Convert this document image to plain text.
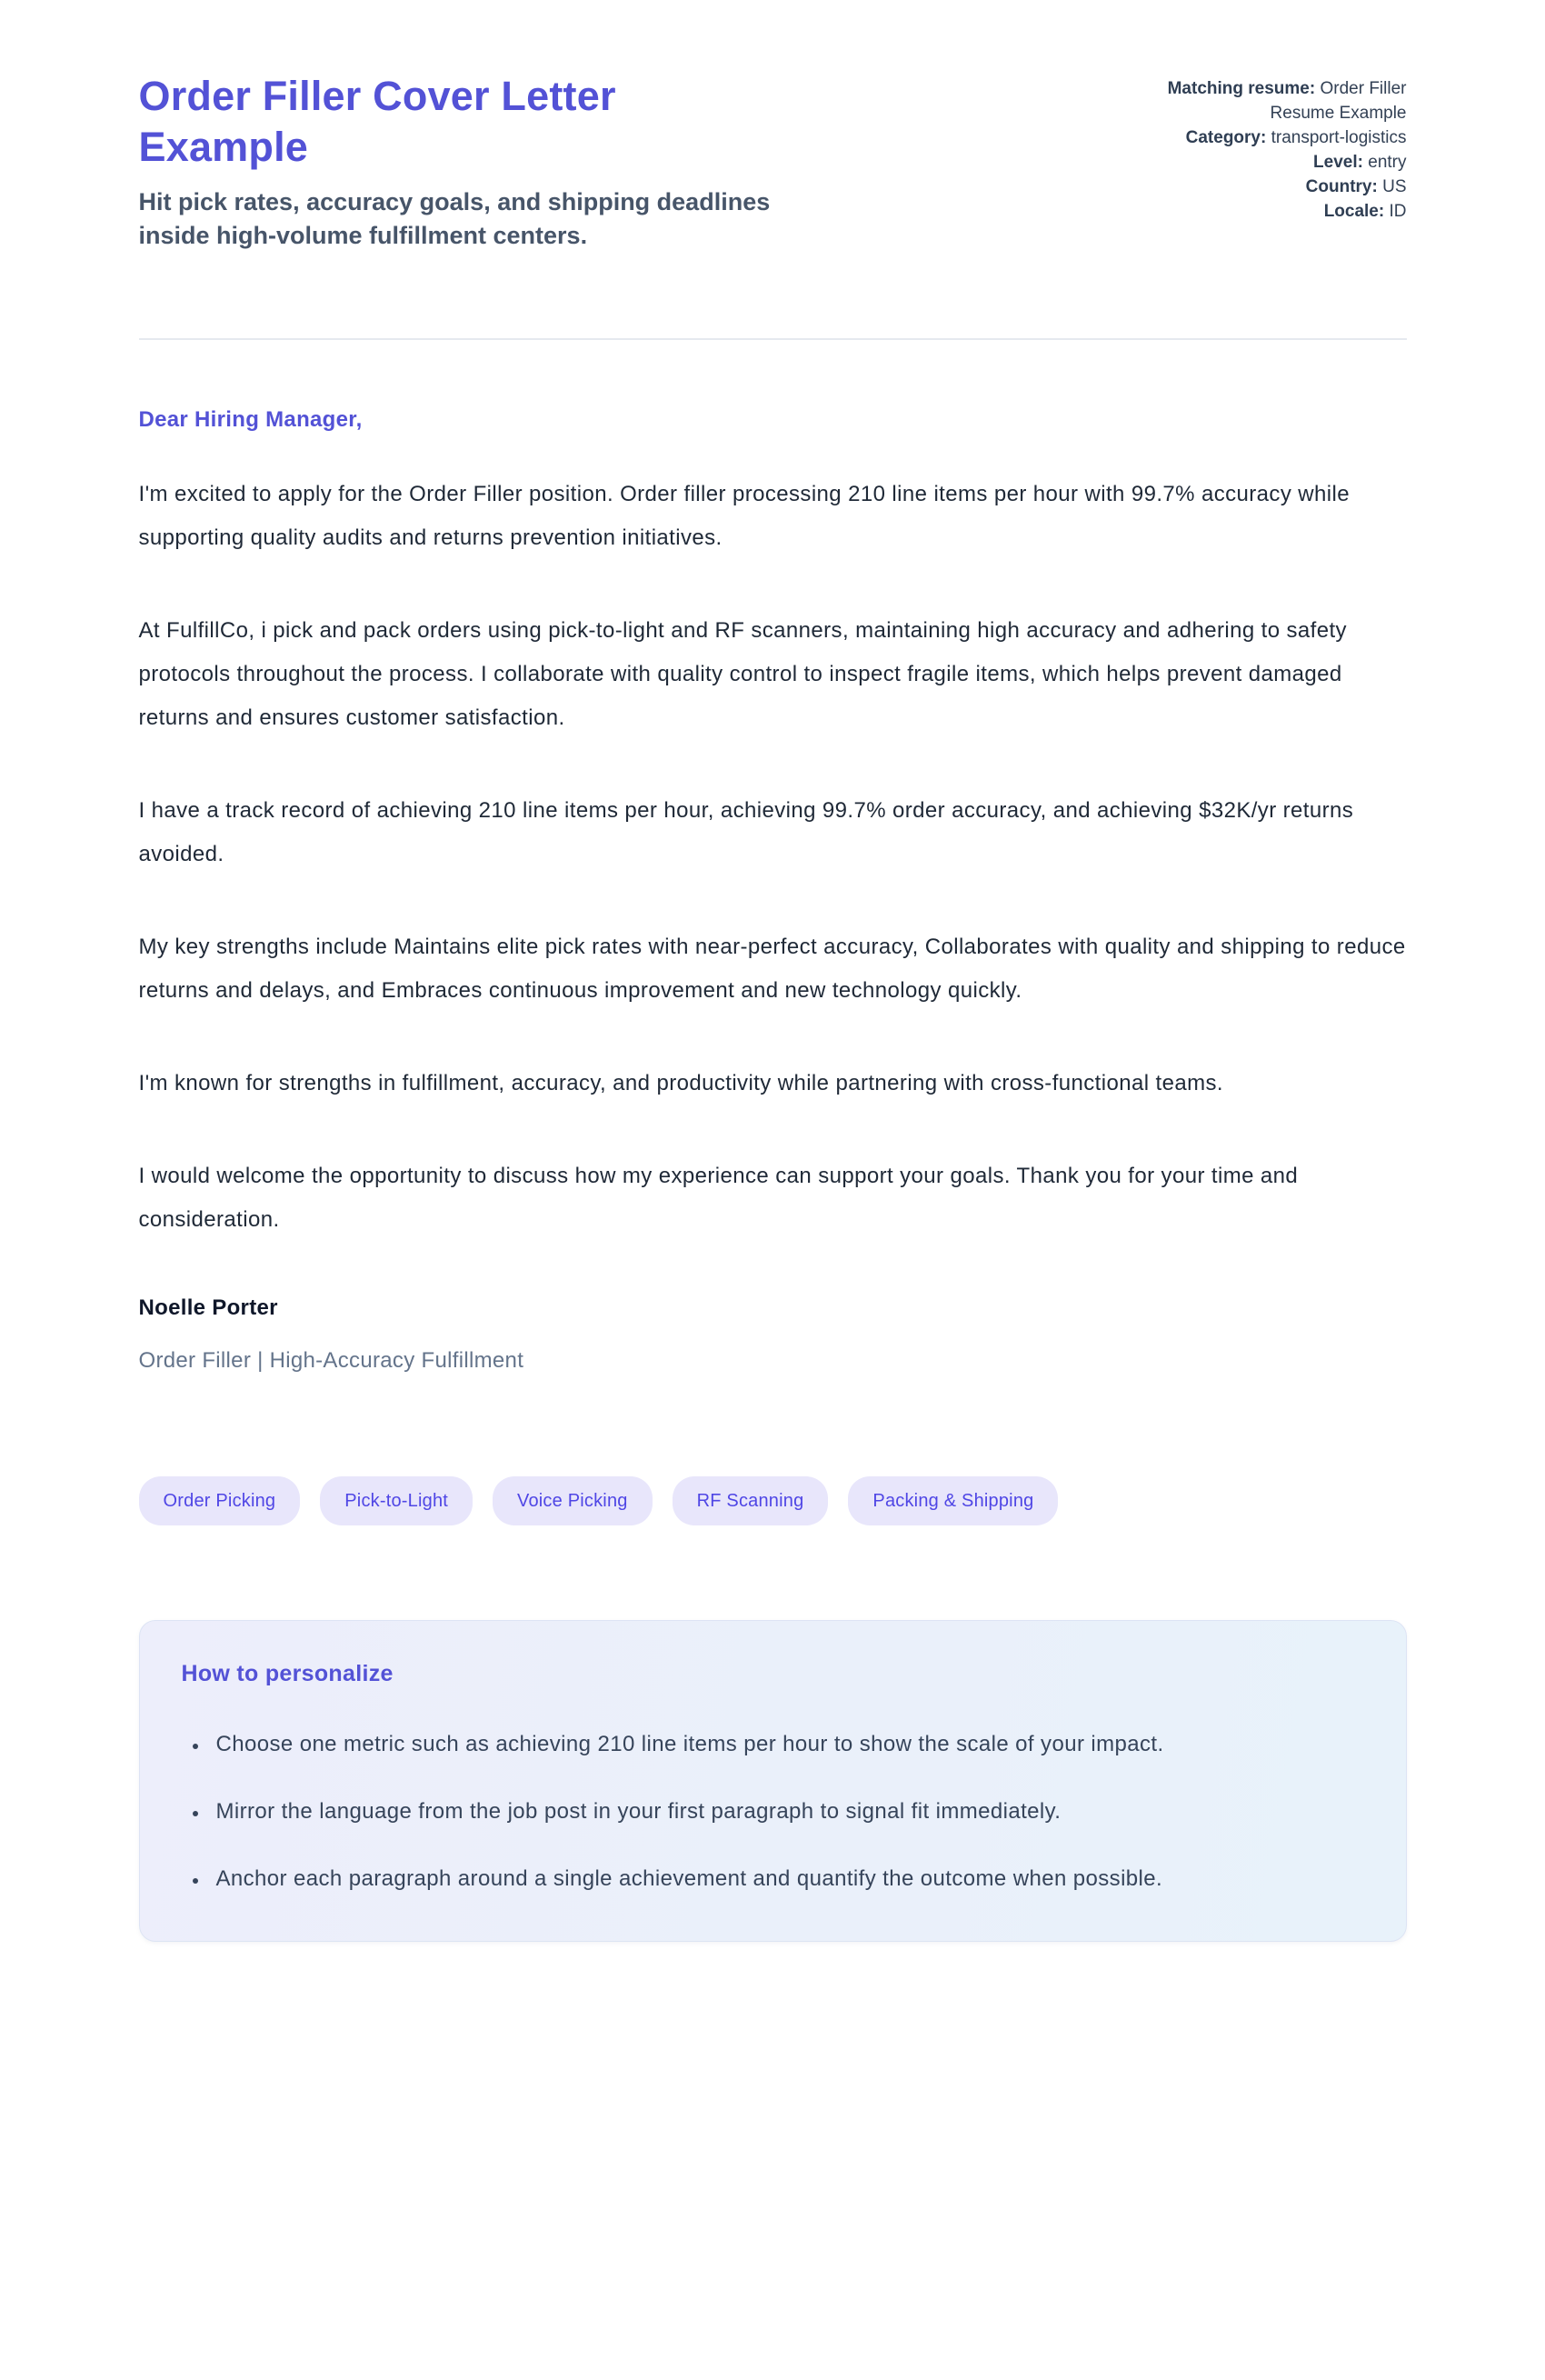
Order Filler Cover Letter Example
Hit pick rates, accuracy goals, and shipping deadlines inside high-volume fulfillment centers.
Matching resume: Order Filler Resume Example
Category: transport-logistics
Level: entry
Country: US
Locale: ID

Dear Hiring Manager,

I'm excited to apply for the Order Filler position. Order filler processing 210 line items per hour with 99.7% accuracy while supporting quality audits and returns prevention initiatives.

At FulfillCo, i pick and pack orders using pick-to-light and RF scanners, maintaining high accuracy and adhering to safety protocols throughout the process. I collaborate with quality control to inspect fragile items, which helps prevent damaged returns and ensures customer satisfaction.

I have a track record of achieving 210 line items per hour, achieving 99.7% order accuracy, and achieving $32K/yr returns avoided.

My key strengths include Maintains elite pick rates with near-perfect accuracy, Collaborates with quality and shipping to reduce returns and delays, and Embraces continuous improvement and new technology quickly.

I'm known for strengths in fulfillment, accuracy, and productivity while partnering with cross-functional teams.

I would welcome the opportunity to discuss how my experience can support your goals. Thank you for your time and consideration.

Noelle Porter

Order Filler | High-Accuracy Fulfillment

Order Picking	Pick-to-Light	Voice Picking	RF Scanning	Packing & Shipping
How to personalize
• Choose one metric such as achieving 210 line items per hour to show the scale of your impact.
• Mirror the language from the job post in your first paragraph to signal fit immediately.
• Anchor each paragraph around a single achievement and quantify the outcome when possible.
